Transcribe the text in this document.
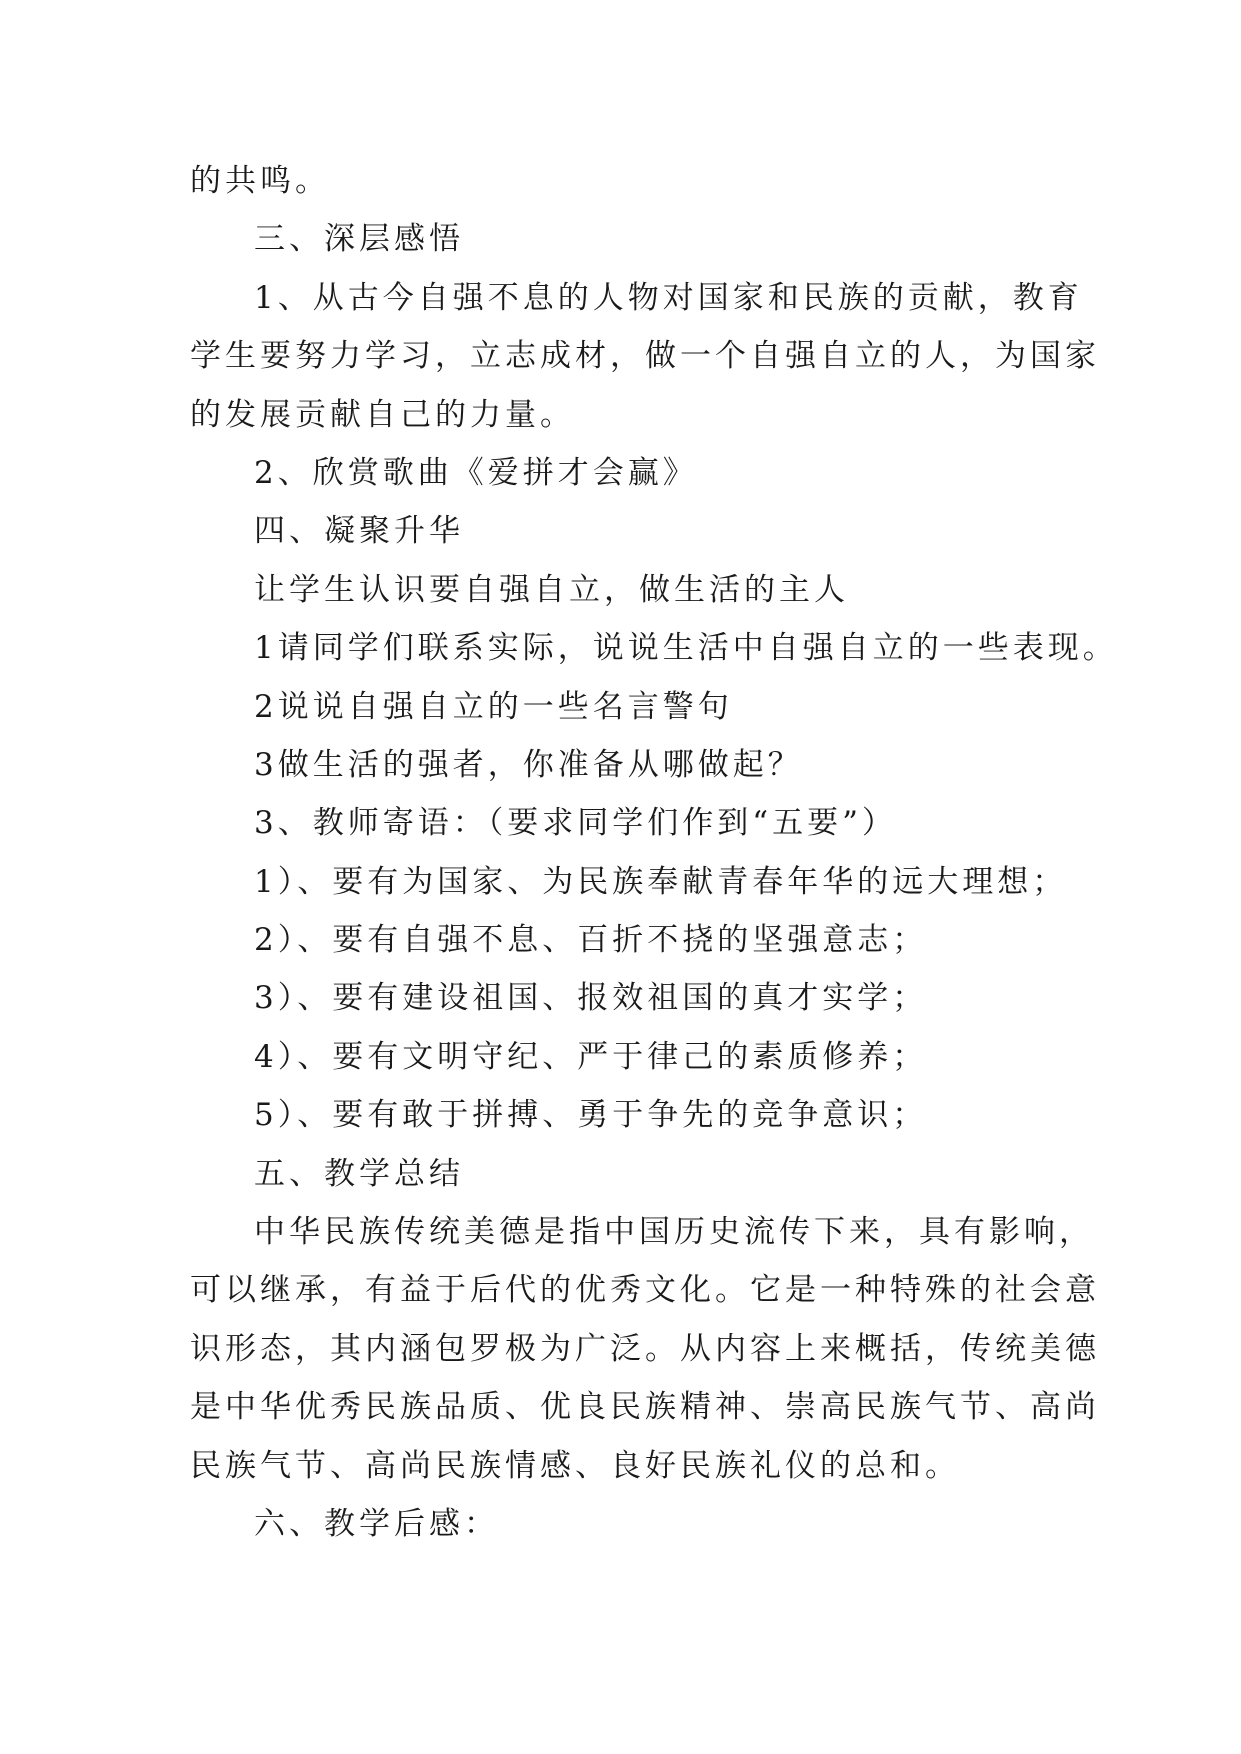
的共鸣。
三、深层感悟
1、从古今自强不息的人物对国家和民族的贡献，教育
学生要努力学习，立志成材，做一个自强自立的人，为国家
的发展贡献自己的力量。
2、欣赏歌曲《爱拼才会赢》
四、凝聚升华
让学生认识要自强自立，做生活的主人
1请同学们联系实际，说说生活中自强自立的一些表现。
2说说自强自立的一些名言警句
3做生活的强者，你准备从哪做起？
3、教师寄语：（要求同学们作到“五要”）
1）、要有为国家、为民族奉献青春年华的远大理想；
2）、要有自强不息、百折不挠的坚强意志；
3）、要有建设祖国、报效祖国的真才实学；
4）、要有文明守纪、严于律己的素质修养；
5）、要有敢于拼搏、勇于争先的竞争意识；
五、教学总结
中华民族传统美德是指中国历史流传下来，具有影响，
可以继承，有益于后代的优秀文化。它是一种特殊的社会意
识形态，其内涵包罗极为广泛。从内容上来概括，传统美德
是中华优秀民族品质、优良民族精神、崇高民族气节、高尚
民族气节、高尚民族情感、良好民族礼仪的总和。
六、教学后感：
